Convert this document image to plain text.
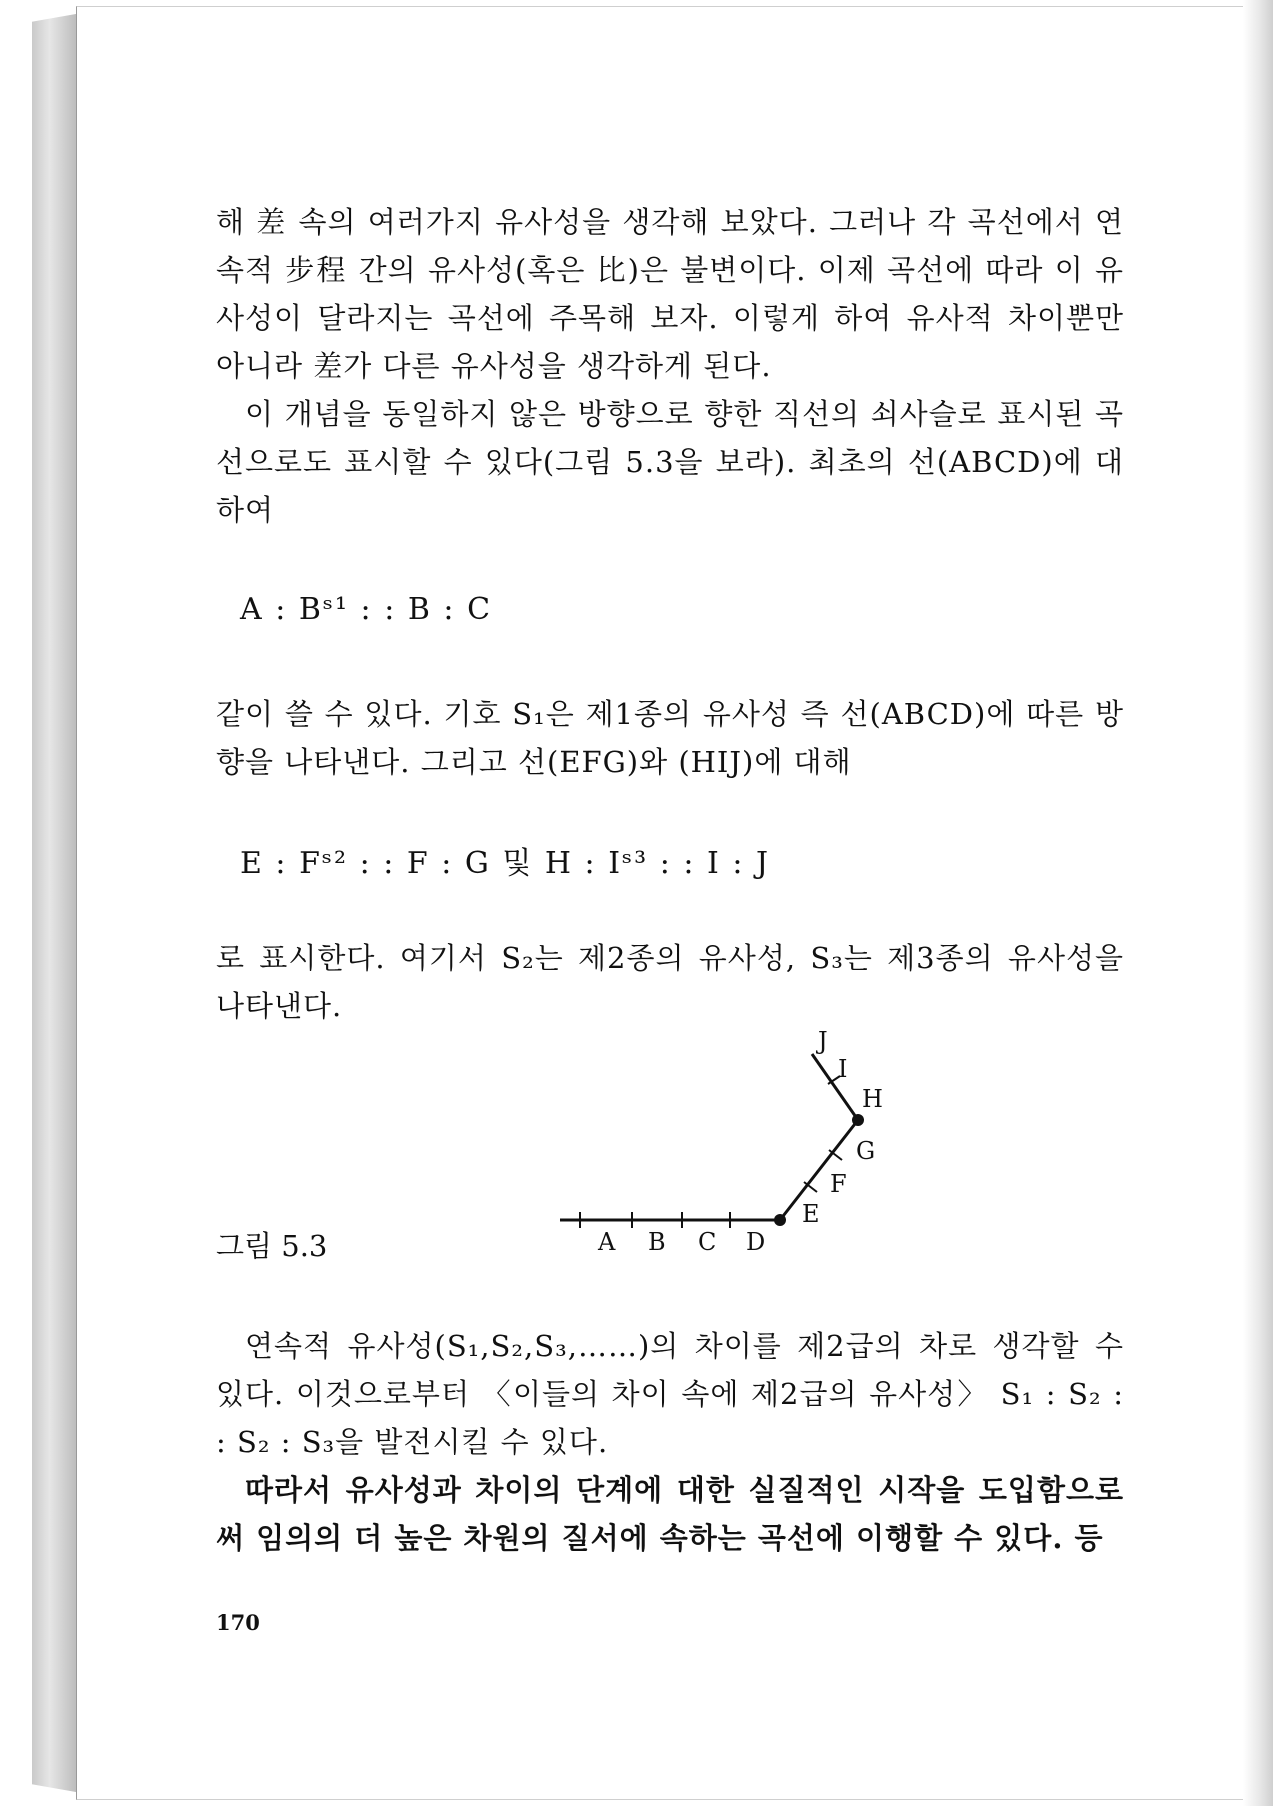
해 差 속의 여러가지 유사성을 생각해 보았다. 그러나 각 곡선에서 연속적 步程 간의 유사성(혹은 比)은 불변이다. 이제 곡선에 따라 이 유사성이 달라지는 곡선에 주목해 보자. 이렇게 하여 유사적 차이뿐만 아니라 差가 다른 유사성을 생각하게 된다.

이 개념을 동일하지 않은 방향으로 향한 직선의 쇠사슬로 표시된 곡선으로도 표시할 수 있다(그림 5.3을 보라). 최초의 선(ABCD)에 대하여

A : Bˢ¹ : : B : C

같이 쓸 수 있다. 기호 S₁은 제1종의 유사성 즉 선(ABCD)에 따른 방향을 나타낸다. 그리고 선(EFG)와 (HIJ)에 대해

E : Fˢ² : : F : G 및 H : Iˢ³ : : I : J

로 표시한다. 여기서 S₂는 제2종의 유사성, S₃는 제3종의 유사성을 나타낸다.

A B C D
E
F
G
H
I
J
그림 5.3

연속적 유사성(S₁,S₂,S₃,……)의 차이를 제2급의 차로 생각할 수 있다. 이것으로부터 〈이들의 차이 속에 제2급의 유사성〉 S₁ : S₂ : : S₂ : S₃을 발전시킬 수 있다.

따라서 유사성과 차이의 단계에 대한 실질적인 시작을 도입함으로써 임의의 더 높은 차원의 질서에 속하는 곡선에 이행할 수 있다. 등

170
